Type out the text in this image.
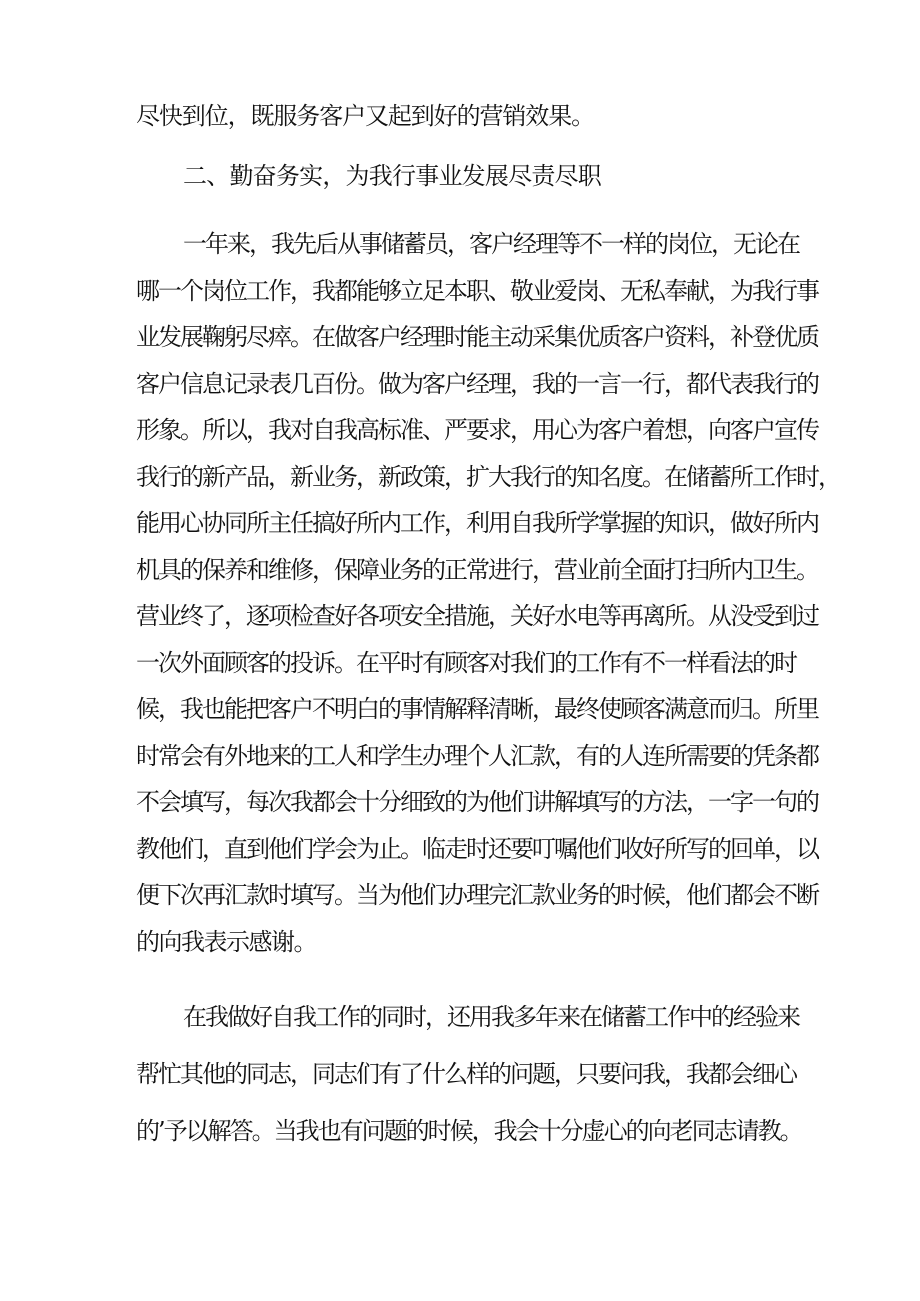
尽快到位，既服务客户又起到好的营销效果。
二、勤奋务实，为我行事业发展尽责尽职
一年来，我先后从事储蓄员，客户经理等不一样的岗位，无论在
哪一个岗位工作，我都能够立足本职、敬业爱岗、无私奉献，为我行事
业发展鞠躬尽瘁。在做客户经理时能主动采集优质客户资料，补登优质
客户信息记录表几百份。做为客户经理，我的一言一行，都代表我行的
形象。所以，我对自我高标准、严要求，用心为客户着想，向客户宣传
我行的新产品，新业务，新政策，扩大我行的知名度。在储蓄所工作时，
能用心协同所主任搞好所内工作，利用自我所学掌握的知识，做好所内
机具的保养和维修，保障业务的正常进行，营业前全面打扫所内卫生。
营业终了，逐项检查好各项安全措施，关好水电等再离所。从没受到过
一次外面顾客的投诉。在平时有顾客对我们的工作有不一样看法的时
候，我也能把客户不明白的事情解释清晰，最终使顾客满意而归。所里
时常会有外地来的工人和学生办理个人汇款，有的人连所需要的凭条都
不会填写，每次我都会十分细致的为他们讲解填写的方法，一字一句的
教他们，直到他们学会为止。临走时还要叮嘱他们收好所写的回单，以
便下次再汇款时填写。当为他们办理完汇款业务的时候，他们都会不断
的向我表示感谢。
在我做好自我工作的同时，还用我多年来在储蓄工作中的经验来
帮忙其他的同志，同志们有了什么样的问题，只要问我，我都会细心
的’予以解答。当我也有问题的时候，我会十分虚心的向老同志请教。
